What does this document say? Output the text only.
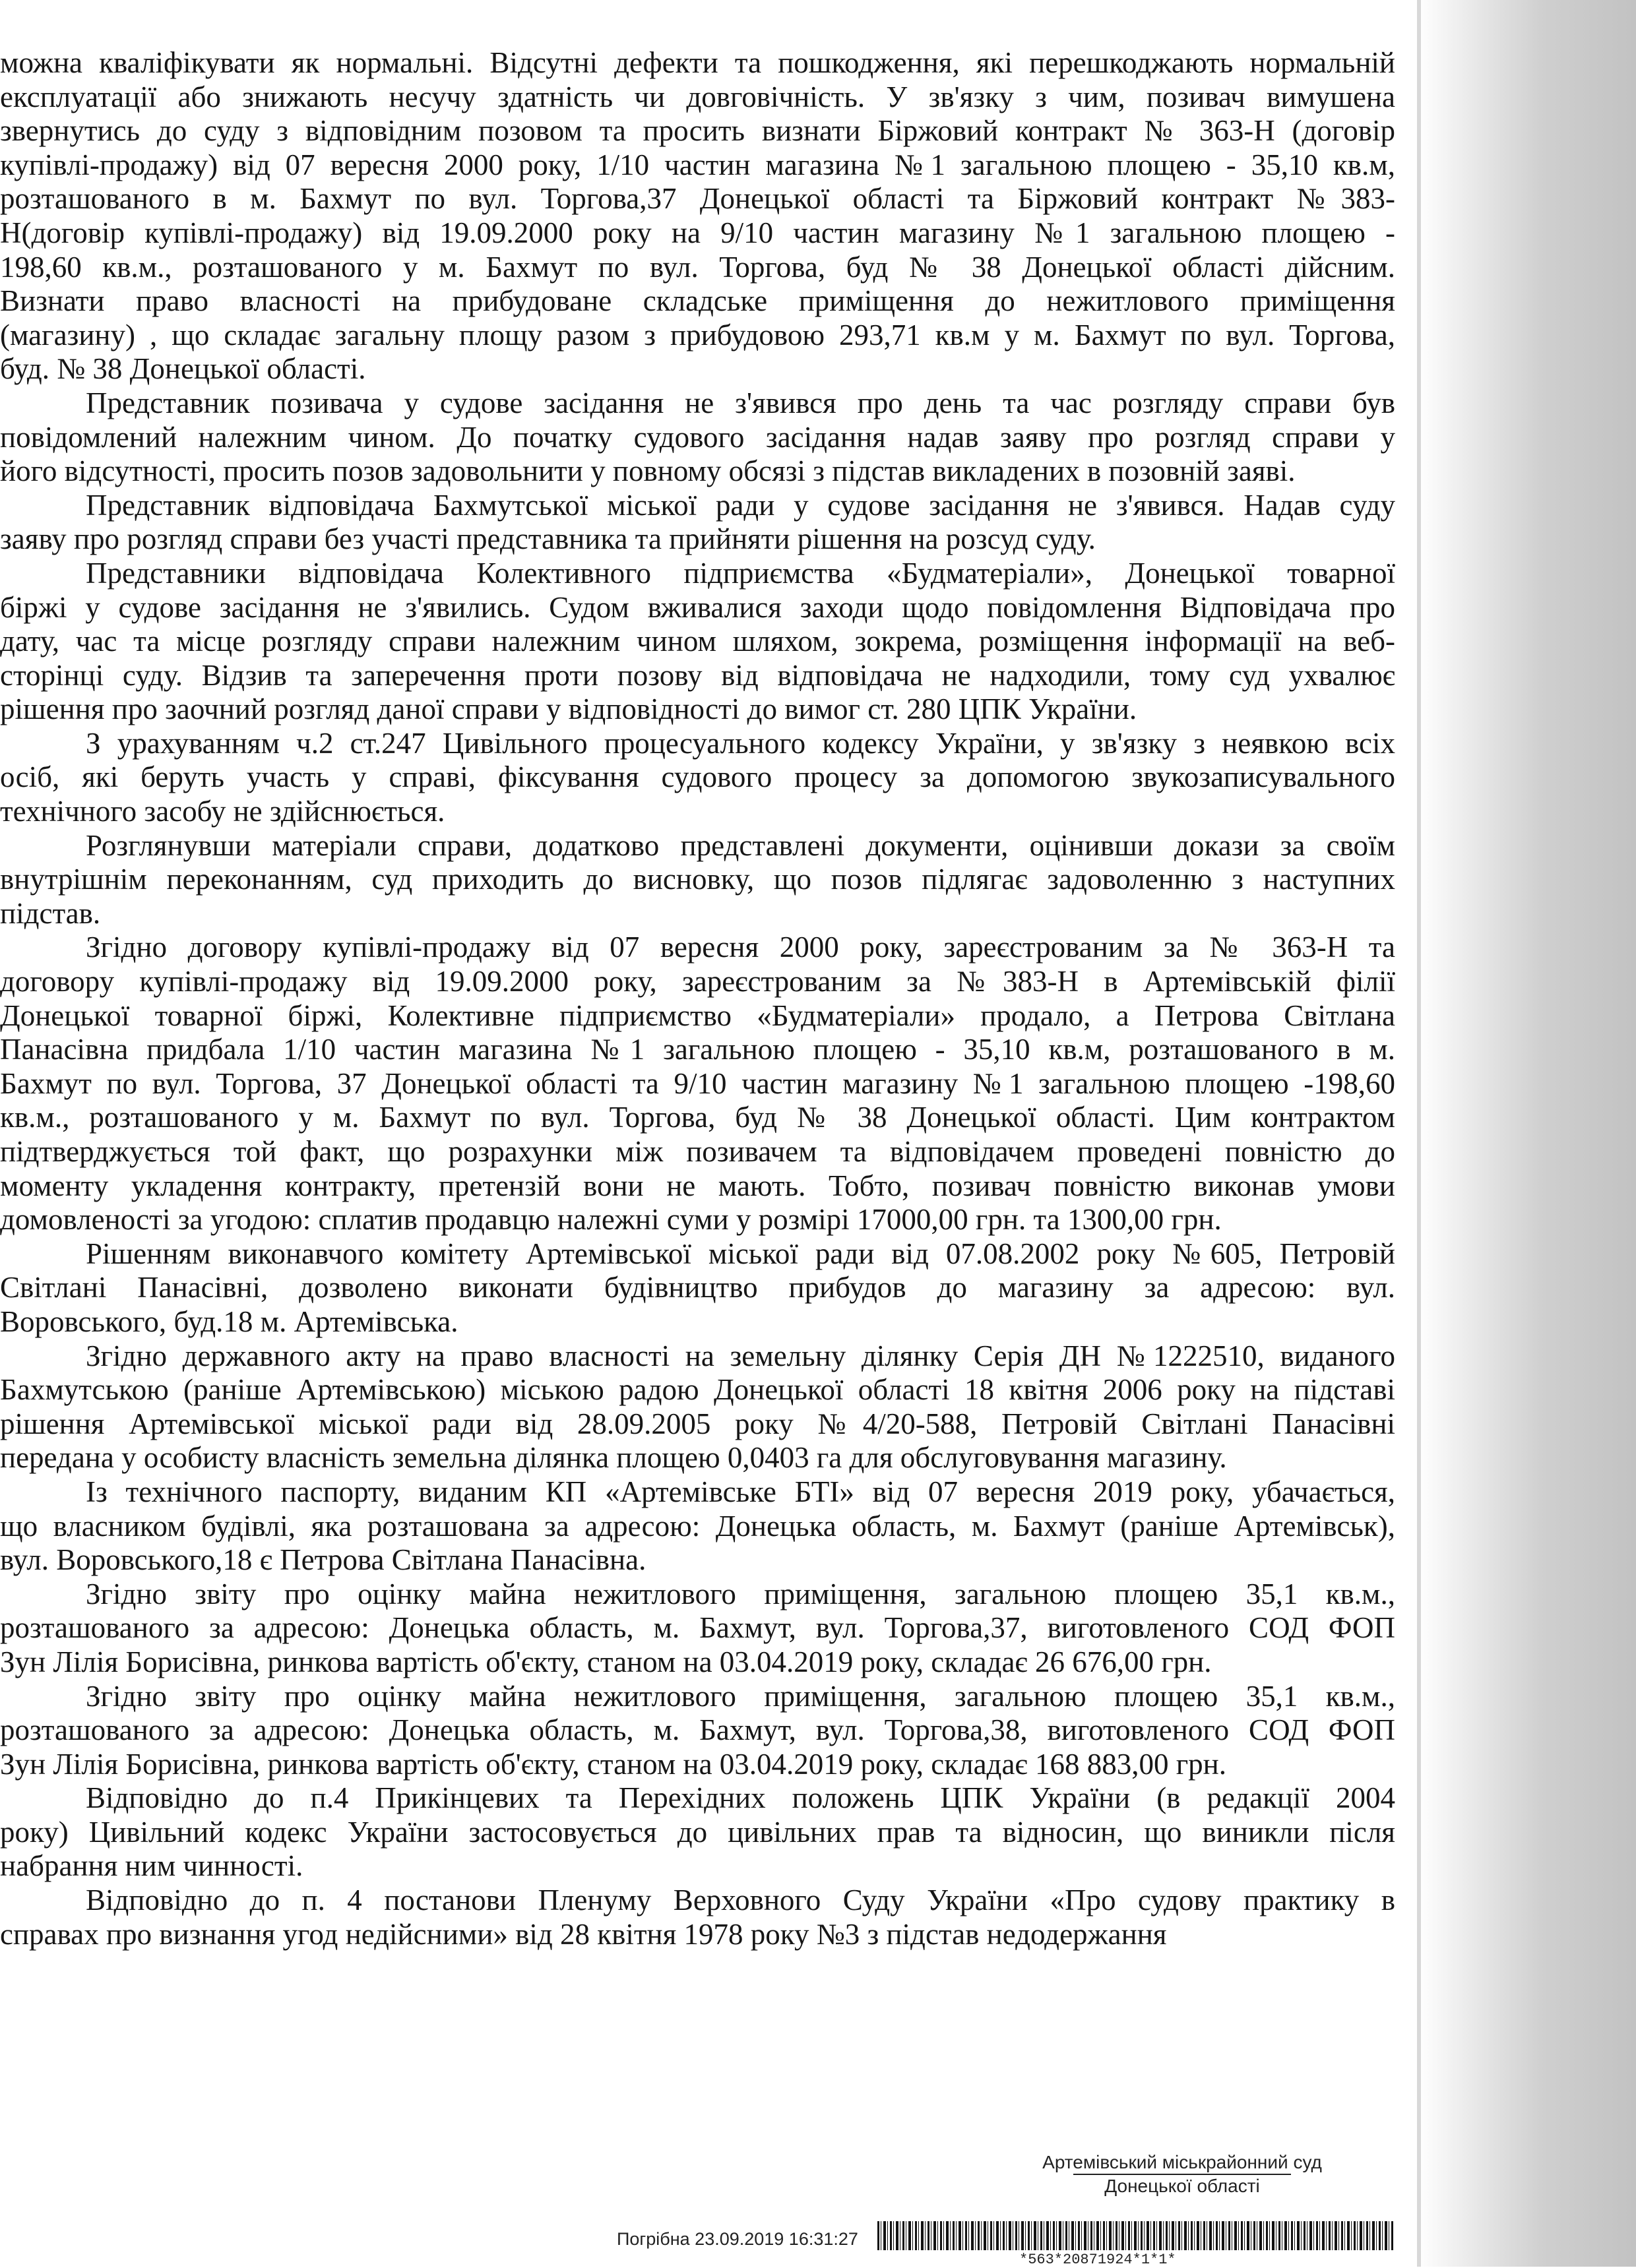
можна кваліфікувати як нормальні. Відсутні дефекти та пошкодження, які перешкоджають нормальній
експлуатації або знижають несучу здатність чи довговічність. У зв'язку з чим, позивач вимушена
звернутись до суду з відповідним позовом та просить визнати Біржовий контракт № 363-Н (договір
купівлі-продажу) від 07 вересня 2000 року, 1/10 частин магазина №1 загальною площею - 35,10 кв.м,
розташованого в м. Бахмут по вул. Торгова,37 Донецької області та Біржовий контракт №383-
Н(договір купівлі-продажу) від 19.09.2000 року на 9/10 частин магазину №1 загальною площею -
198,60 кв.м., розташованого у м. Бахмут по вул. Торгова, буд № 38 Донецької області дійсним.
Визнати право власності на прибудоване складське приміщення до нежитлового приміщення
(магазину) , що складає загальну площу разом з прибудовою 293,71 кв.м у м. Бахмут по вул. Торгова,
буд. № 38 Донецької області.
Представник позивача у судове засідання не з'явився про день та час розгляду справи був
повідомлений належним чином. До початку судового засідання надав заяву про розгляд справи у
його відсутності, просить позов задовольнити у повному обсязі з підстав викладених в позовній заяві.
Представник відповідача Бахмутської міської ради у судове засідання не з'явився. Надав суду
заяву про розгляд справи без участі представника та прийняти рішення на розсуд суду.
Представники відповідача Колективного підприємства «Будматеріали», Донецької товарної
біржі у судове засідання не з'явились. Судом вживалися заходи щодо повідомлення Відповідача про
дату, час та місце розгляду справи належним чином шляхом, зокрема, розміщення інформації на веб-
сторінці суду. Відзив та заперечення проти позову від відповідача не надходили, тому суд ухвалює
рішення про заочний розгляд даної справи у відповідності до вимог ст. 280 ЦПК України.
З урахуванням ч.2 ст.247 Цивільного процесуального кодексу України, у зв'язку з неявкою всіх
осіб, які беруть участь у справі, фіксування судового процесу за допомогою звукозаписувального
технічного засобу не здійснюється.
Розглянувши матеріали справи, додатково представлені документи, оцінивши докази за своїм
внутрішнім переконанням, суд приходить до висновку, що позов підлягає задоволенню з наступних
підстав.
Згідно договору купівлі-продажу від 07 вересня 2000 року, зареєстрованим за № 363-Н та
договору купівлі-продажу від 19.09.2000 року, зареєстрованим за №383-Н в Артемівській філії
Донецької товарної біржі, Колективне підприємство «Будматеріали» продало, а Петрова Світлана
Панасівна придбала 1/10 частин магазина №1 загальною площею - 35,10 кв.м, розташованого в м.
Бахмут по вул. Торгова, 37 Донецької області та 9/10 частин магазину №1 загальною площею -198,60
кв.м., розташованого у м. Бахмут по вул. Торгова, буд № 38 Донецької області. Цим контрактом
підтверджується той факт, що розрахунки між позивачем та відповідачем проведені повністю до
моменту укладення контракту, претензій вони не мають. Тобто, позивач повністю виконав умови
домовленості за угодою: сплатив продавцю належні суми у розмірі 17000,00 грн. та 1300,00 грн.
Рішенням виконавчого комітету Артемівської міської ради від 07.08.2002 року №605, Петровій
Світлані Панасівні, дозволено виконати будівництво прибудов до магазину за адресою: вул.
Воровського, буд.18 м. Артемівська.
Згідно державного акту на право власності на земельну ділянку Серія ДН №1222510, виданого
Бахмутською (раніше Артемівською) міською радою Донецької області 18 квітня 2006 року на підставі
рішення Артемівської міської ради від 28.09.2005 року №4/20-588, Петровій Світлані Панасівні
передана у особисту власність земельна ділянка площею 0,0403 га для обслуговування магазину.
Із технічного паспорту, виданим КП «Артемівське БТІ» від 07 вересня 2019 року, убачається,
що власником будівлі, яка розташована за адресою: Донецька область, м. Бахмут (раніше Артемівськ),
вул. Воровського,18 є Петрова Світлана Панасівна.
Згідно звіту про оцінку майна нежитлового приміщення, загальною площею 35,1 кв.м.,
розташованого за адресою: Донецька область, м. Бахмут, вул. Торгова,37, виготовленого СОД ФОП
Зун Лілія Борисівна, ринкова вартість об'єкту, станом на 03.04.2019 року, складає 26 676,00 грн.
Згідно звіту про оцінку майна нежитлового приміщення, загальною площею 35,1 кв.м.,
розташованого за адресою: Донецька область, м. Бахмут, вул. Торгова,38, виготовленого СОД ФОП
Зун Лілія Борисівна, ринкова вартість об'єкту, станом на 03.04.2019 року, складає 168 883,00 грн.
Відповідно до п.4 Прикінцевих та Перехідних положень ЦПК України (в редакції 2004
року) Цивільний кодекс України застосовується до цивільних прав та відносин, що виникли після
набрання ним чинності.
Відповідно до п. 4 постанови Пленуму Верховного Суду України «Про судову практику в
справах про визнання угод недійсними» від 28 квітня 1978 року №3 з підстав недодержання
Артемівський міськрайонний суд
Донецької області
Погрібна 23.09.2019 16:31:27
*563*20871924*1*1*
